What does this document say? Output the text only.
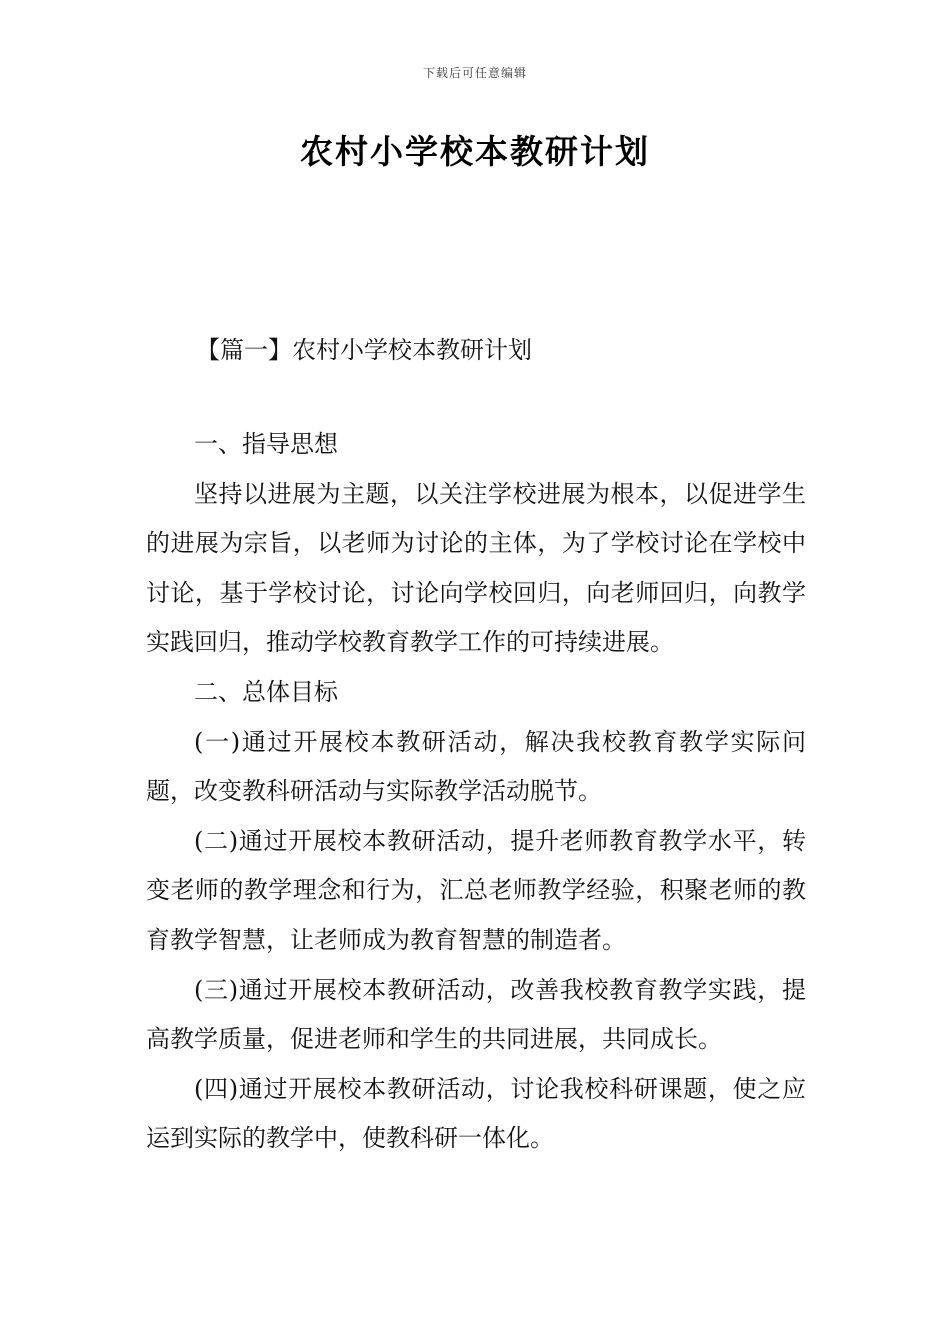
下载后可任意编辑
农村小学校本教研计划
【篇一】农村小学校本教研计划

一、指导思想

坚持以进展为主题，以关注学校进展为根本，以促进学生的进展为宗旨，以老师为讨论的主体，为了学校讨论在学校中讨论，基于学校讨论，讨论向学校回归，向老师回归，向教学实践回归，推动学校教育教学工作的可持续进展。

二、总体目标

(一)通过开展校本教研活动，解决我校教育教学实际问题，改变教科研活动与实际教学活动脱节。

(二)通过开展校本教研活动，提升老师教育教学水平，转变老师的教学理念和行为，汇总老师教学经验，积聚老师的教育教学智慧，让老师成为教育智慧的制造者。

(三)通过开展校本教研活动，改善我校教育教学实践，提高教学质量，促进老师和学生的共同进展，共同成长。

(四)通过开展校本教研活动，讨论我校科研课题，使之应运到实际的教学中，使教科研一体化。
